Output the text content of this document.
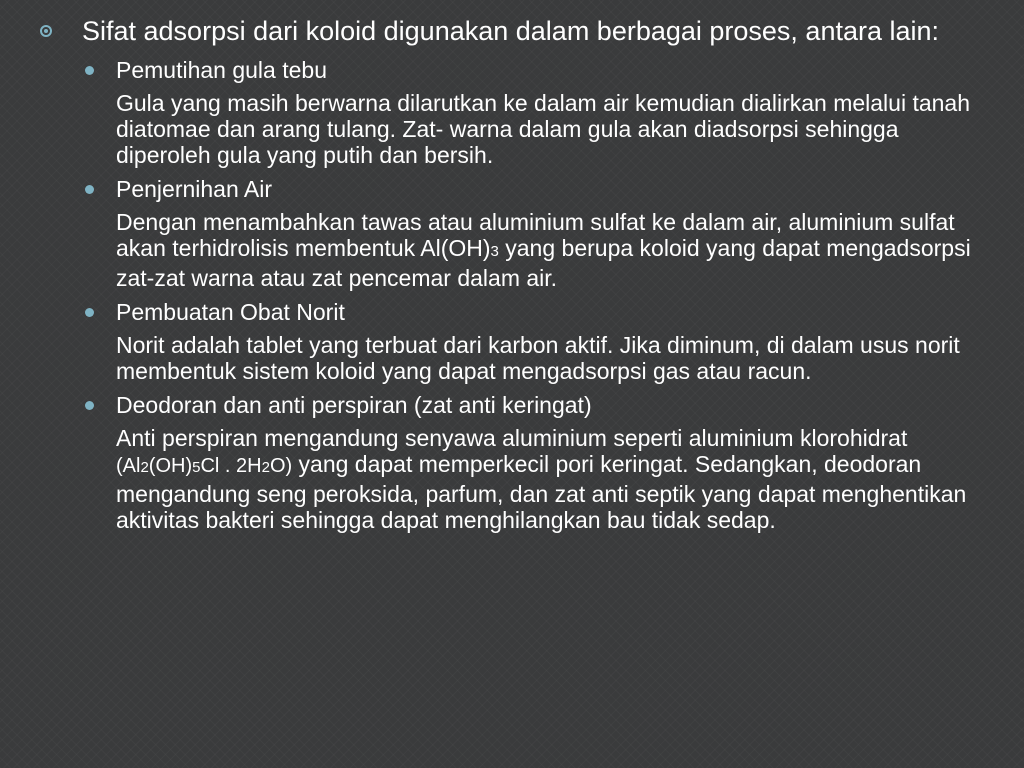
Sifat adsorpsi dari koloid digunakan dalam berbagai proses, antara lain:
Pemutihan gula tebu
Gula yang masih berwarna dilarutkan ke dalam air kemudian dialirkan melalui tanah diatomae dan arang tulang. Zat- warna dalam gula akan diadsorpsi sehingga diperoleh gula yang putih dan bersih.
Penjernihan Air
Dengan menambahkan tawas atau aluminium sulfat ke dalam air, aluminium sulfat akan terhidrolisis membentuk Al(OH)3 yang berupa koloid yang dapat mengadsorpsi zat-zat warna atau zat pencemar dalam air.
Pembuatan Obat Norit
Norit adalah tablet yang terbuat dari karbon aktif. Jika diminum, di dalam usus norit membentuk sistem koloid yang dapat mengadsorpsi gas atau racun.
Deodoran dan anti perspiran (zat anti keringat)
Anti perspiran mengandung senyawa aluminium seperti aluminium klorohidrat (Al2(OH)5Cl . 2H2O) yang dapat memperkecil pori keringat. Sedangkan, deodoran mengandung seng peroksida, parfum, dan zat anti septik yang dapat menghentikan aktivitas bakteri sehingga dapat menghilangkan bau tidak sedap.
